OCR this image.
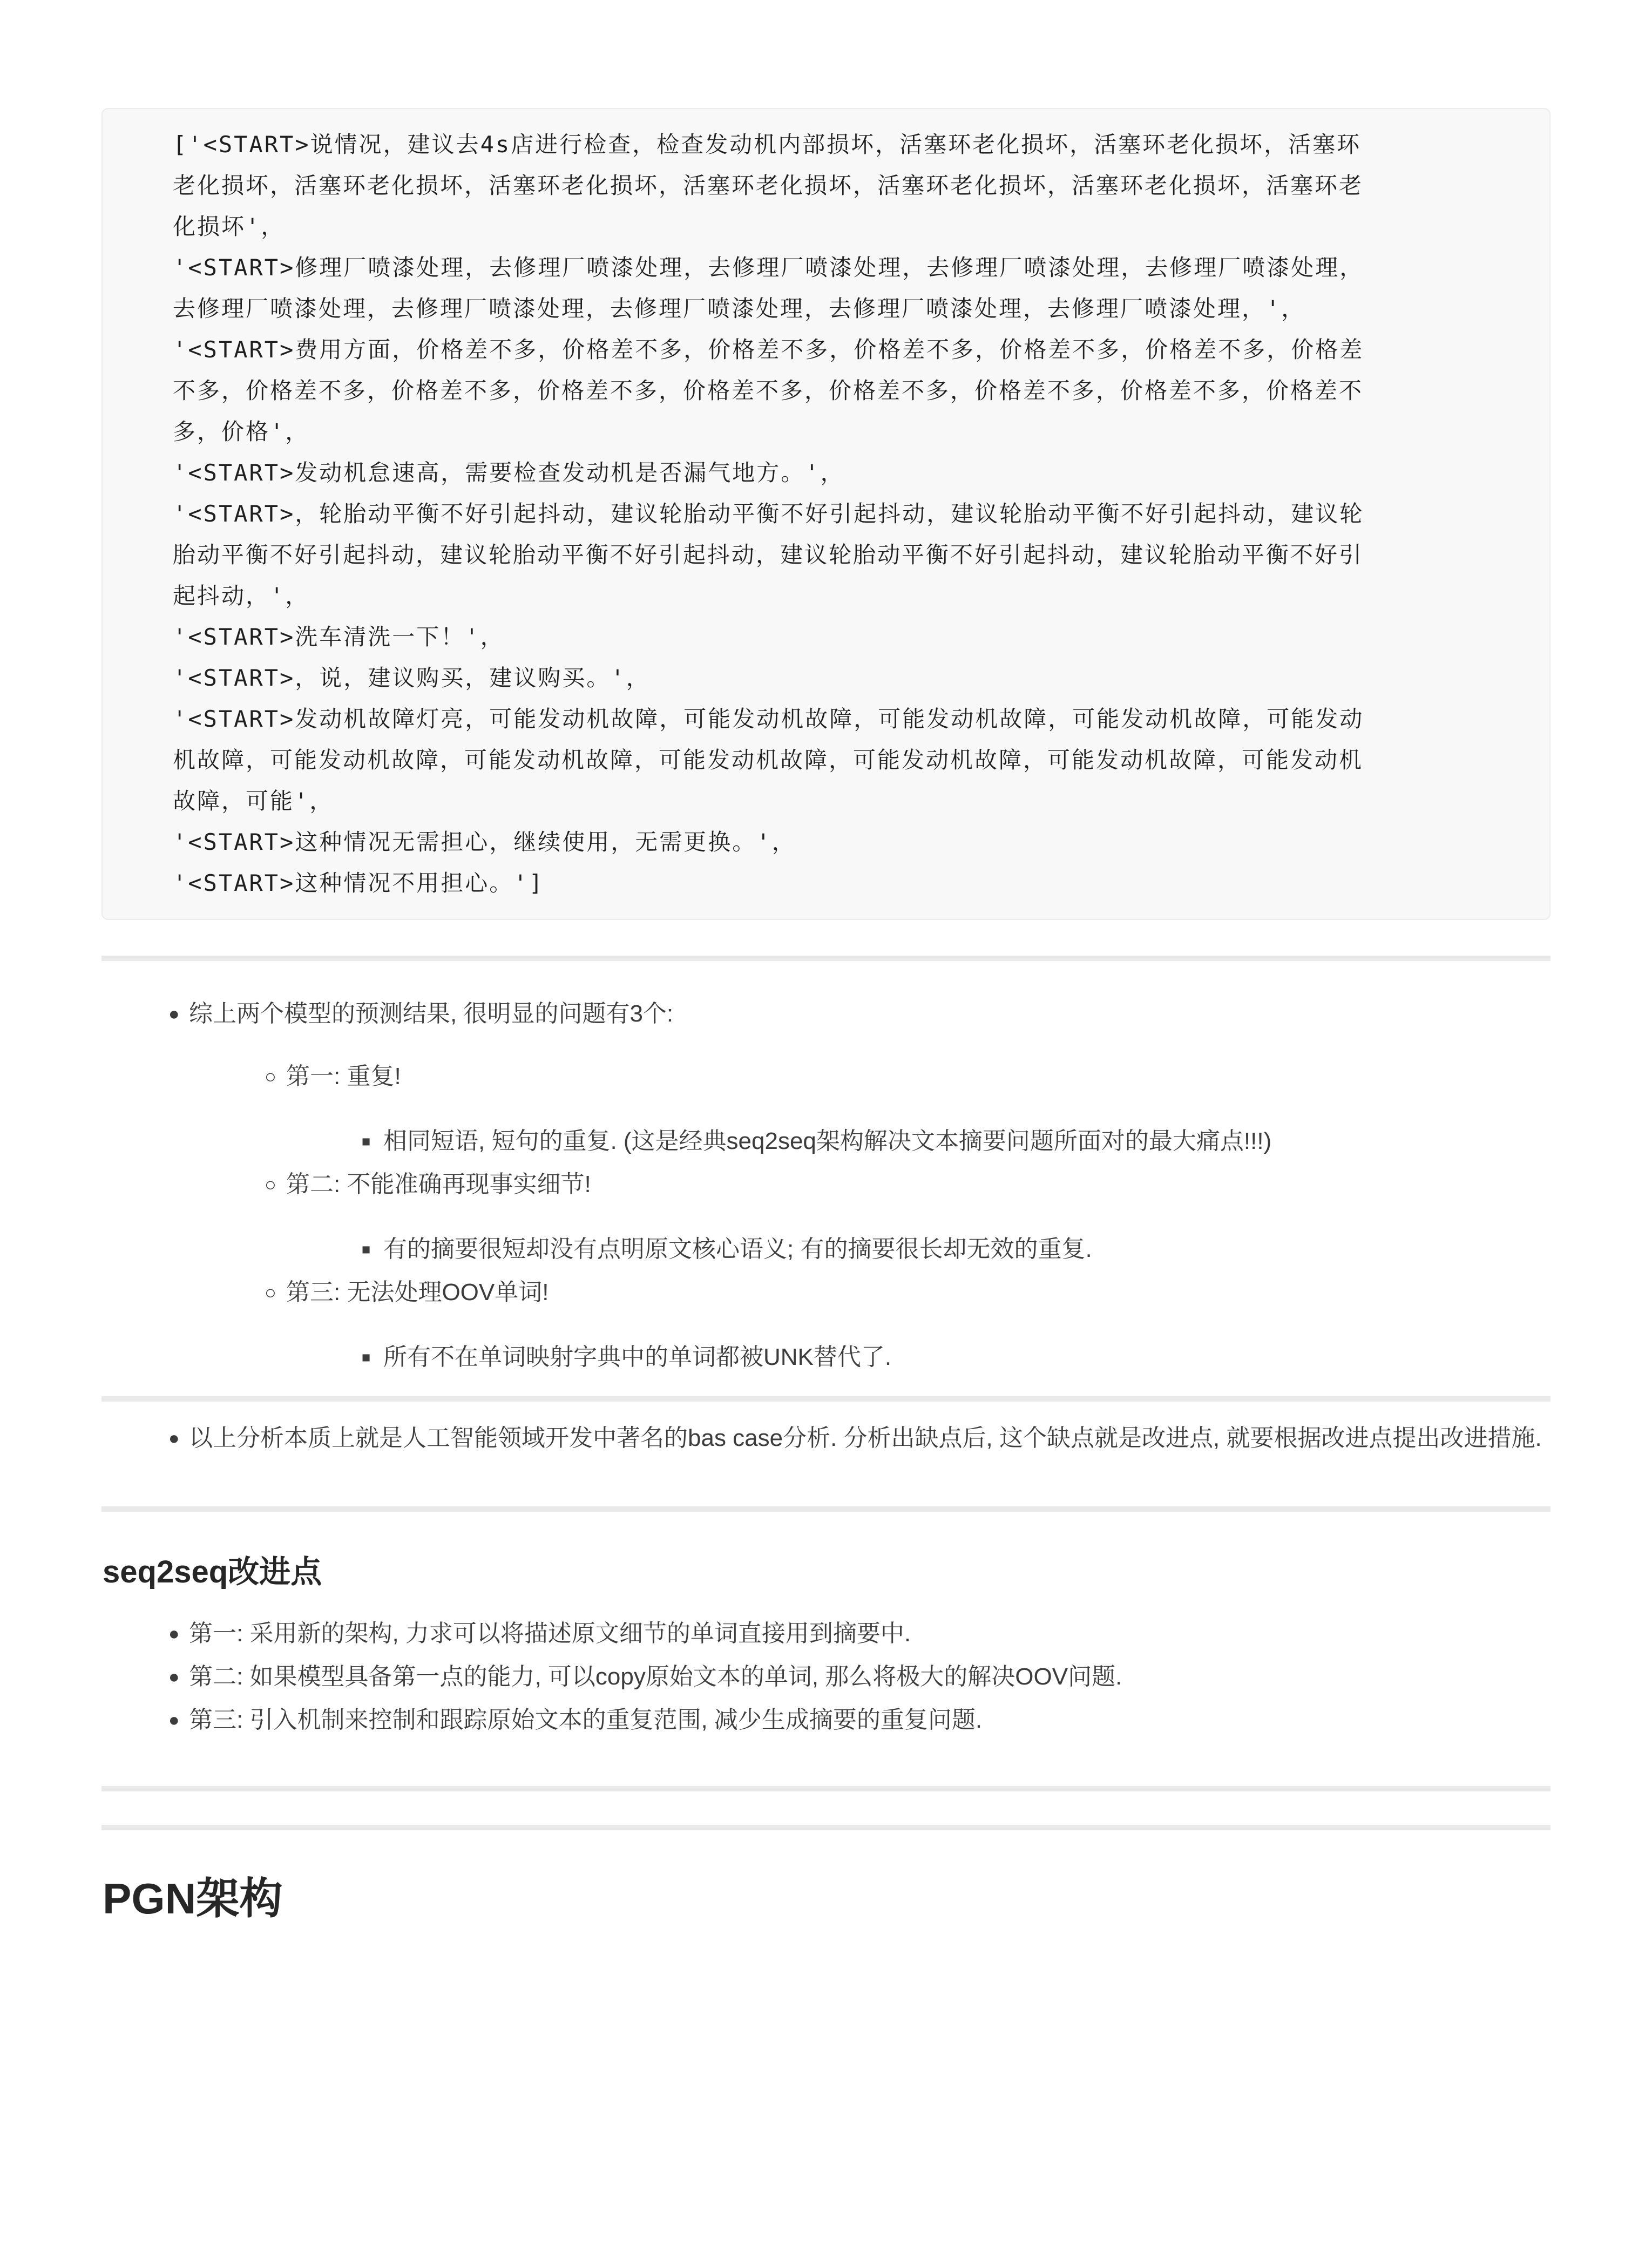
['<START>说情况，建议去4s店进行检查，检查发动机内部损坏，活塞环老化损坏，活塞环老化损坏，活塞环
老化损坏，活塞环老化损坏，活塞环老化损坏，活塞环老化损坏，活塞环老化损坏，活塞环老化损坏，活塞环老
化损坏'，
'<START>修理厂喷漆处理，去修理厂喷漆处理，去修理厂喷漆处理，去修理厂喷漆处理，去修理厂喷漆处理，
去修理厂喷漆处理，去修理厂喷漆处理，去修理厂喷漆处理，去修理厂喷漆处理，去修理厂喷漆处理，'，
'<START>费用方面，价格差不多，价格差不多，价格差不多，价格差不多，价格差不多，价格差不多，价格差
不多，价格差不多，价格差不多，价格差不多，价格差不多，价格差不多，价格差不多，价格差不多，价格差不
多，价格'，
'<START>发动机怠速高，需要检查发动机是否漏气地方。'，
'<START>，轮胎动平衡不好引起抖动，建议轮胎动平衡不好引起抖动，建议轮胎动平衡不好引起抖动，建议轮
胎动平衡不好引起抖动，建议轮胎动平衡不好引起抖动，建议轮胎动平衡不好引起抖动，建议轮胎动平衡不好引
起抖动，'，
'<START>洗车清洗一下！'，
'<START>，说，建议购买，建议购买。'，
'<START>发动机故障灯亮，可能发动机故障，可能发动机故障，可能发动机故障，可能发动机故障，可能发动
机故障，可能发动机故障，可能发动机故障，可能发动机故障，可能发动机故障，可能发动机故障，可能发动机
故障，可能'，
'<START>这种情况无需担心，继续使用，无需更换。'，
'<START>这种情况不用担心。']
● 综上两个模型的预测结果, 很明显的问题有3个:
○ 第一: 重复!
■ 相同短语, 短句的重复. (这是经典seq2seq架构解决文本摘要问题所面对的最大痛点!!!)
○ 第二: 不能准确再现事实细节!
■ 有的摘要很短却没有点明原文核心语义; 有的摘要很长却无效的重复.
○ 第三: 无法处理OOV单词!
■ 所有不在单词映射字典中的单词都被UNK替代了.
● 以上分析本质上就是人工智能领域开发中著名的bas case分析. 分析出缺点后, 这个缺点就是改进点, 就要根据改进点提出改进措施.
seq2seq改进点
● 第一: 采用新的架构, 力求可以将描述原文细节的单词直接用到摘要中.
● 第二: 如果模型具备第一点的能力, 可以copy原始文本的单词, 那么将极大的解决OOV问题.
● 第三: 引入机制来控制和跟踪原始文本的重复范围, 减少生成摘要的重复问题.
PGN架构
